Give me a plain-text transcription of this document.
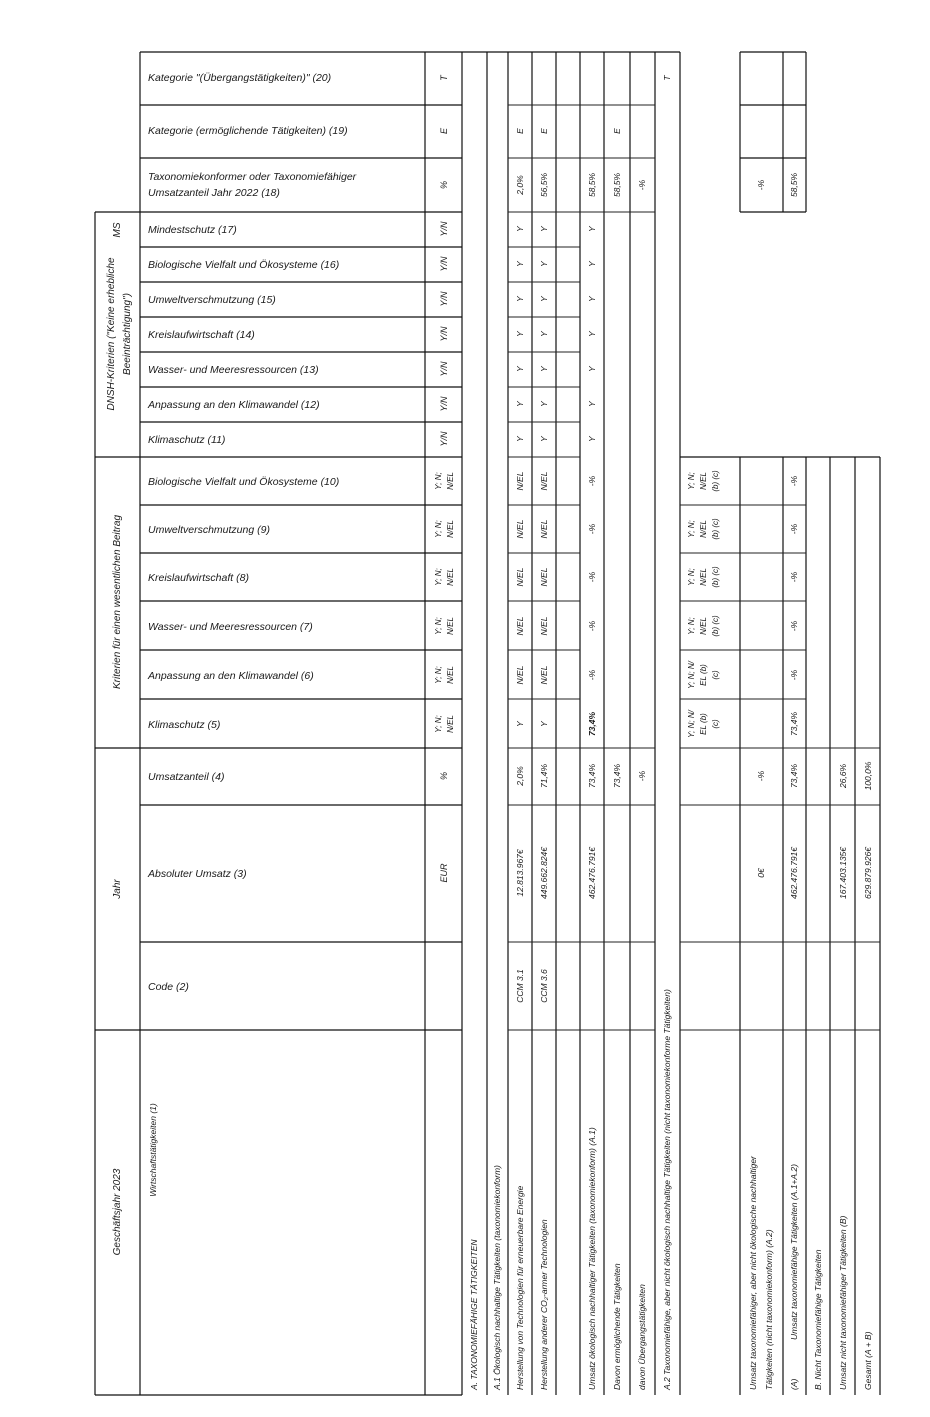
Geschäftsjahr 2023
Jahr
Kriterien für einen wesentlichen Beitrag
DNSH-Kriterien ("Keine erhebliche Beeinträchtigung")
MS
Wirtschaftstätigkeiten (1)
Kategorie "(Übergangstätigkeiten)" (20)
Kategorie (ermöglichende Tätigkeiten) (19)
Taxonomiekonformer oder Taxonomiefähiger
Umsatzanteil Jahr 2022 (18)
Mindestschutz (17)
Biologische Vielfalt und Ökosysteme (16)
Umweltverschmutzung (15)
Kreislaufwirtschaft (14)
Wasser- und Meeresressourcen (13)
Anpassung an den Klimawandel (12)
Klimaschutz (11)
Biologische Vielfalt und Ökosysteme (10)
Umweltverschmutzung (9)
Kreislaufwirtschaft (8)
Wasser- und Meeresressourcen (7)
Anpassung an den Klimawandel (6)
Klimaschutz (5)
Umsatzanteil (4)
Absoluter Umsatz (3)
Code (2)
T
E
%
Y/N
Y/N
Y/N
Y/N
Y/N
Y/N
Y/N
Y; N; N/EL
Y; N; N/EL
Y; N; N/EL
Y; N; N/EL
Y; N; N/EL
Y; N; N/EL
%
EUR
A. TAXONOMIEFÄHIGE TÄTIGKEITEN A.1 Ökologisch nachhaltige Tätigkeiten (taxonomiekonform) Herstellung von Technologien für erneuerbare Energie Herstellung anderer CO₂-armer Technologien	Umsatz ökologisch nachhaltiger Tätigkeiten (taxonomiekonform) (A.1) Davon ermöglichende Tätigkeiten davon Übergangstätigkeiten A.2 Taxonomiefähige, aber nicht ökologisch nachhaltige Tätigkeiten (nicht taxonomiekonforme Tätigkeiten)	Umsatz taxonomiefähiger, aber nicht ökologische nachhaltiger Tätigkeiten (nicht taxonomiekonform) (A.2) (A)
Umsatz taxonomiefähige Tätigkeiten (A.1+A.2) B. Nicht Taxonomiefähige Tätigkeiten Umsatz nicht taxonomiefähiger Tätigkeiten (B) Gesamt (A + B)
CCM 3.1
12.813.967€
2,0%
Y
N/EL
N/EL
N/EL
N/EL
N/EL
Y
Y
Y
Y
Y
Y
Y
2,0%
E
CCM 3.6
449.662.824€
71,4%
Y
N/EL
N/EL
N/EL
N/EL
N/EL
Y
Y
Y
Y
Y
Y
Y
56,5%
E
462.476.791€
73,4%
73,4%
-%
-%
-%
-%
-%
Y
Y
Y
Y
Y
Y
Y
58,5%
73,4%
58,5%
E
-%
-%
T
Y; N; N/ EL (b) (c)
Y; N; N/ EL (b) (c)
Y; N; N/EL (b) (c)
Y; N; N/EL (b) (c)
Y; N; N/EL (b) (c)
Y; N; N/EL (b) (c)
0€
-%
-%
462.476.791€
73,4%
73,4%
-%
-%
-%
-%
-%
58,5%
167.403.135€
26,6%
629.879.926€
100,0%
